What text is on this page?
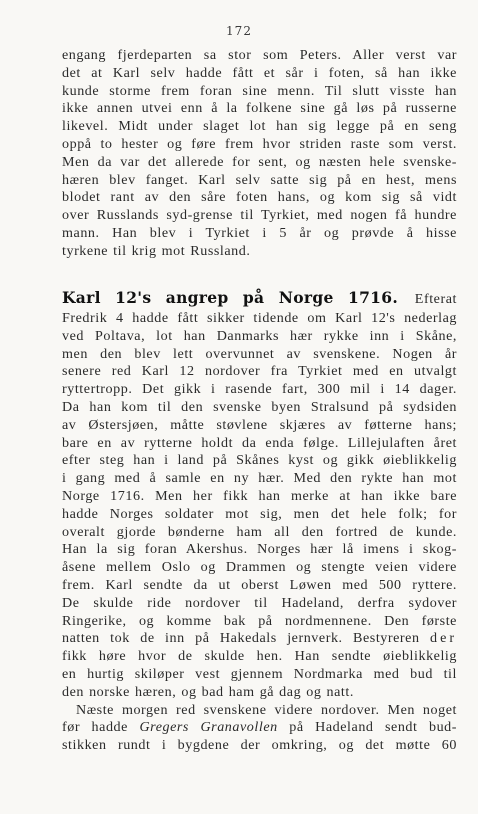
172
engang fjerdeparten sa stor som Peters. Aller verst var
det at Karl selv hadde fått et sår i foten, så han ikke
kunde storme frem foran sine menn. Til slutt visste han
ikke annen utvei enn å la folkene sine gå løs på russerne
likevel. Midt under slaget lot han sig legge på en seng
oppå to hester og føre frem hvor striden raste som verst.
Men da var det allerede for sent, og næsten hele svenske-
hæren blev fanget. Karl selv satte sig på en hest, mens
blodet rant av den såre foten hans, og kom sig så vidt
over Russlands syd-grense til Tyrkiet, med nogen få hundre
mann. Han blev i Tyrkiet i 5 år og prøvde å hisse
tyrkene til krig mot Russland.
Karl 12's angrep på Norge 1716. Efterat
Fredrik 4 hadde fått sikker tidende om Karl 12's nederlag
ved Poltava, lot han Danmarks hær rykke inn i Skåne,
men den blev lett overvunnet av svenskene. Nogen år
senere red Karl 12 nordover fra Tyrkiet med en utvalgt
ryttertropp. Det gikk i rasende fart, 300 mil i 14 dager.
Da han kom til den svenske byen Stralsund på sydsiden
av Østersjøen, måtte støvlene skjæres av føtterne hans;
bare en av rytterne holdt da enda følge. Lillejulaften året
efter steg han i land på Skånes kyst og gikk øieblikkelig
i gang med å samle en ny hær. Med den rykte han mot
Norge 1716. Men her fikk han merke at han ikke bare
hadde Norges soldater mot sig, men det hele folk; for
overalt gjorde bønderne ham all den fortred de kunde.
Han la sig foran Akershus. Norges hær lå imens i skog-
åsene mellem Oslo og Drammen og stengte veien videre
frem. Karl sendte da ut oberst Løwen med 500 ryttere.
De skulde ride nordover til Hadeland, derfra sydover
Ringerike, og komme bak på nordmennene. Den første
natten tok de inn på Hakedals jernverk. Bestyreren der
fikk høre hvor de skulde hen. Han sendte øieblikkelig
en hurtig skiløper vest gjennem Nordmarka med bud til
den norske hæren, og bad ham gå dag og natt.
Næste morgen red svenskene videre nordover. Men noget
før hadde Gregers Granavollen på Hadeland sendt bud-
stikken rundt i bygdene der omkring, og det møtte 60
